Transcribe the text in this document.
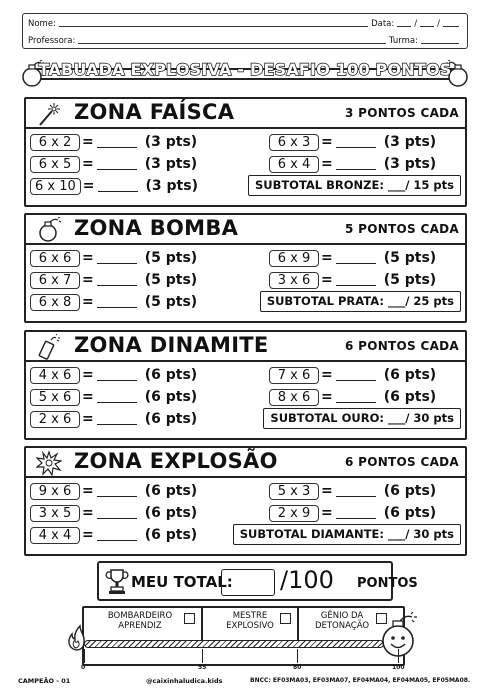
Nome:	Data: / /
Professora:	Turma:
TABUADA EXPLOSIVA - DESAFIO 100 PONTOS
ZONA FAÍSCA	3 PONTOS CADA
6 x 2 =	(3 pts)
6 x 5 =	(3 pts)
6 x 10 =	(3 pts)
6 x 3 =	(3 pts)
6 x 4 =	(3 pts)
SUBTOTAL BRONZE: ___/ 15 pts
ZONA BOMBA	5 PONTOS CADA
6 x 6 =	(5 pts)
6 x 7 =	(5 pts)
6 x 8 =	(5 pts)
6 x 9 =	(5 pts)
3 x 6 =	(5 pts)
SUBTOTAL PRATA: ___/ 25 pts
ZONA DINAMITE	6 PONTOS CADA
4 x 6 =	(6 pts)
5 x 6 =	(6 pts)
2 x 6 =	(6 pts)
7 x 6 =	(6 pts)
8 x 6 =	(6 pts)
SUBTOTAL OURO: ___/ 30 pts
ZONA EXPLOSÃO	6 PONTOS CADA
9 x 6 =	(6 pts)
3 x 5 =	(6 pts)
4 x 4 =	(6 pts)
5 x 3 =	(6 pts)
2 x 9 =	(6 pts)
SUBTOTAL DIAMANTE: ___/ 30 pts
MEU TOTAL: /100 PONTOS
BOMBARDEIRO
APRENDIZ
MESTRE
EXPLOSIVO
GÊNIO DA
DETONAÇÃO
0	55	80	100
CAMPEÃO - 01	@caixinhaludica.kids	BNCC: EF03MA03, EF03MA07, EF04MA04, EF04MA05, EF05MA08.
